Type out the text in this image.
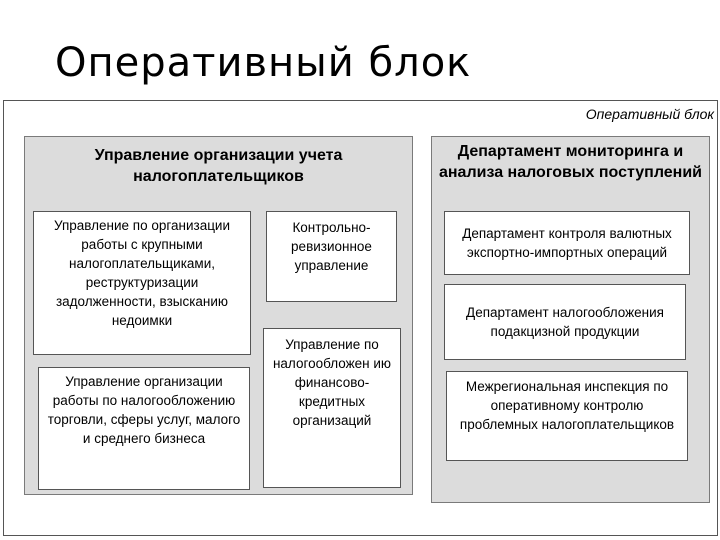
Оперативный блок
Оперативный блок
Управление организации учета налогоплательщиков
Управление по организации работы с крупными налогоплательщиками, реструктуризации задолженности, взысканию недоимки
Управление организации работы по налогообложению торговли, сферы услуг, малого и среднего бизнеса
Контрольно-ревизионное управление
Управление по налогообложен ию финансово-кредитных организаций
Департамент мониторинга и анализа налоговых поступлений
Департамент контроля валютных экспортно-импортных операций
Департамент налогообложения подакцизной продукции
Межрегиональная инспекция по оперативному контролю проблемных налогоплательщиков
